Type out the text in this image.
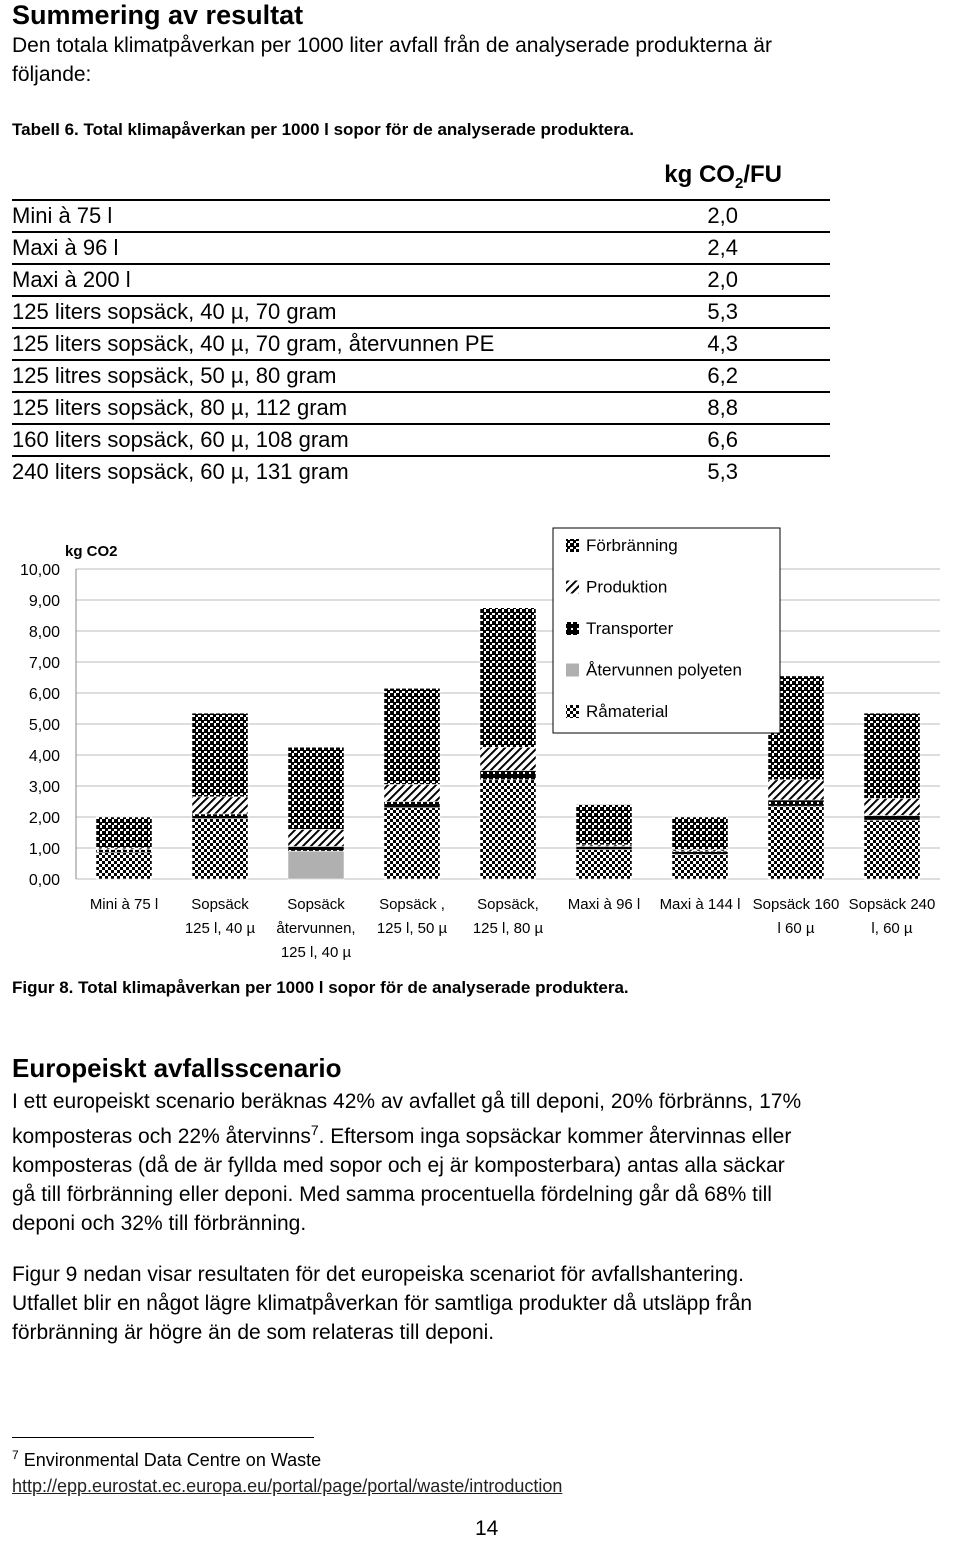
Summering av resultat
Den totala klimatpåverkan per 1000 liter avfall från de analyserade produkterna är
följande:
Tabell 6. Total klimapåverkan per 1000 l sopor för de analyserade produktera.
	kg $CO_2/FU$
Mini à 75 l	2,0
Maxi à 96 l	2,4
Maxi à 200 l	2,0
125 liters sopsäck, 40 µ, 70 gram	5,3
125 liters sopsäck, 40 µ, 70 gram, återvunnen PE	4,3
125 litres sopsäck, 50 µ, 80 gram	6,2
125 liters sopsäck, 80 µ, 112 gram	8,8
160 liters sopsäck, 60 µ, 108 gram	6,6
240 liters sopsäck, 60 µ, 131 gram	5,3
0,00
1,00
2,00
3,00
4,00
5,00
6,00
7,00
8,00
9,00
10,00
Mini à 75 l Sopsäck
125 l, 40 µ
Sopsäck
återvunnen,
125 l, 40 µ
Sopsäck ,
125 l, 50 µ
Sopsäck,
125 l, 80 µ
Maxi à 96 l Maxi à 144 l Sopsäck 160
l 60 µ
Sopsäck 240
l, 60 µ
kg CO2	Förbränning
Produktion
Transporter
Återvunnen polyeten
Råmaterial
Figur 8. Total klimapåverkan per 1000 l sopor för de analyserade produktera.
Europeiskt avfallsscenario
I ett europeiskt scenario beräknas 42% av avfallet gå till deponi, 20% förbränns, 17%
komposteras och 22% återvinns$^7$. Eftersom inga sopsäckar kommer återvinnas eller
komposteras (då de är fyllda med sopor och ej är komposterbara) antas alla säckar
gå till förbränning eller deponi. Med samma procentuella fördelning går då 68% till
deponi och 32% till förbränning.
Figur 9 nedan visar resultaten för det europeiska scenariot för avfallshantering.
Utfallet blir en något lägre klimatpåverkan för samtliga produkter då utsläpp från
förbränning är högre än de som relateras till deponi.
$^7$ Environmental Data Centre on Waste
http://epp.eurostat.ec.europa.eu/portal/page/portal/waste/introduction
14
